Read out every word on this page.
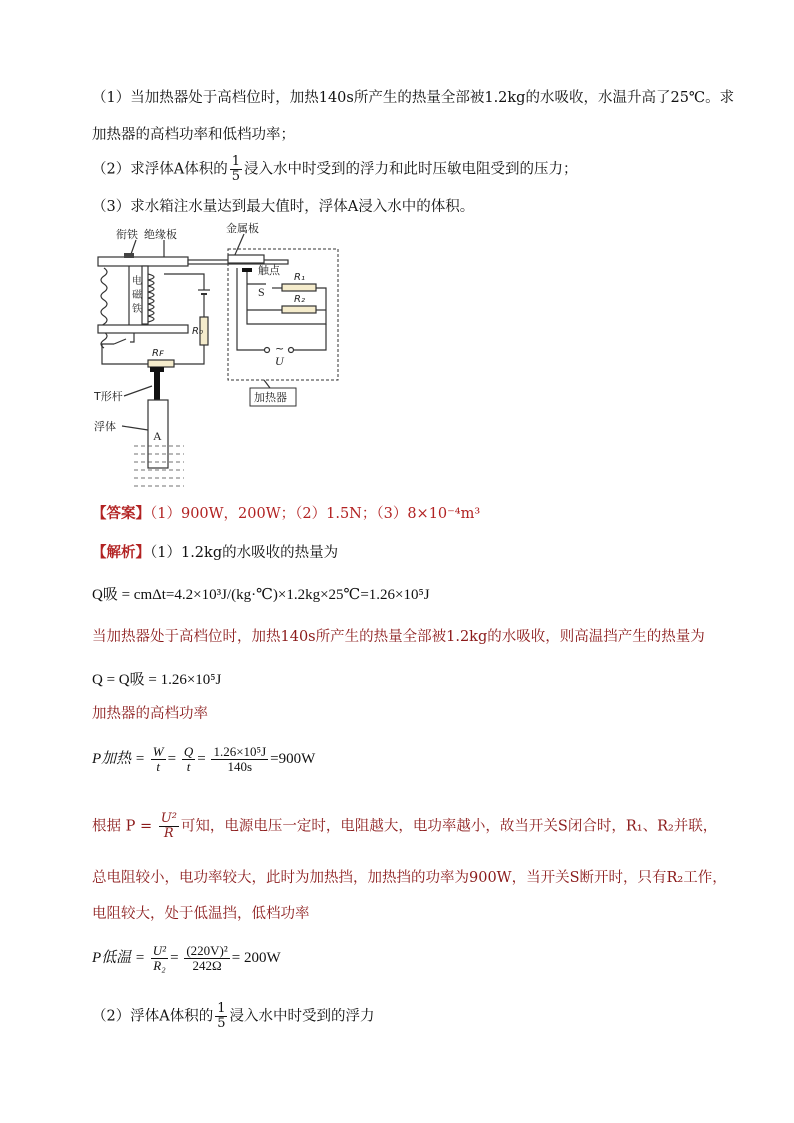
（1）当加热器处于高档位时，加热140s所产生的热量全部被1.2kg的水吸收，水温升高了25℃。求
加热器的高档功率和低档功率；
（2）求浮体A体积的 $\frac{1}{5}$ 浸入水中时受到的浮力和此时压敏电阻受到的压力；
（3）求水箱注水量达到最大值时，浮体A浸入水中的体积。
衔铁 绝缘板	金属板
电
磁
铁
R₀
Rꜰ
T形杆
A
浮体
触点
S
R₁
R₂
~
U
加热器
【答案】（1）900W，200W；（2）1.5N；（3）8×10⁻⁴m³
【解析】（1）1.2kg的水吸收的热量为
Q吸 = cmΔt=4.2×10³J/(kg·℃)×1.2kg×25℃=1.26×10⁵J
当加热器处于高档位时，加热140s所产生的热量全部被1.2kg的水吸收，则高温挡产生的热量为
Q = Q吸 = 1.26×10⁵J
加热器的高档功率
P加热 = $\frac{W}{t} = \frac{Q}{t} = \frac{\text{1.26×10⁵J}}{140s} =900W$
根据 $P = \frac{\text{U²}}{R}$ 可知，电源电压一定时，电阻越大，电功率越小，故当开关S闭合时，R₁、R₂并联，
总电阻较小，电功率较大，此时为加热挡，加热挡的功率为900W，当开关S断开时，只有R₂工作，
电阻较大，处于低温挡，低档功率
P低温 = $\frac{\text{U²}}{\text{R₂}} = \frac{\text{(220V)²}}{242\Omega} = 200W$
（2）浮体A体积的 $\frac{1}{5}$ 浸入水中时受到的浮力
